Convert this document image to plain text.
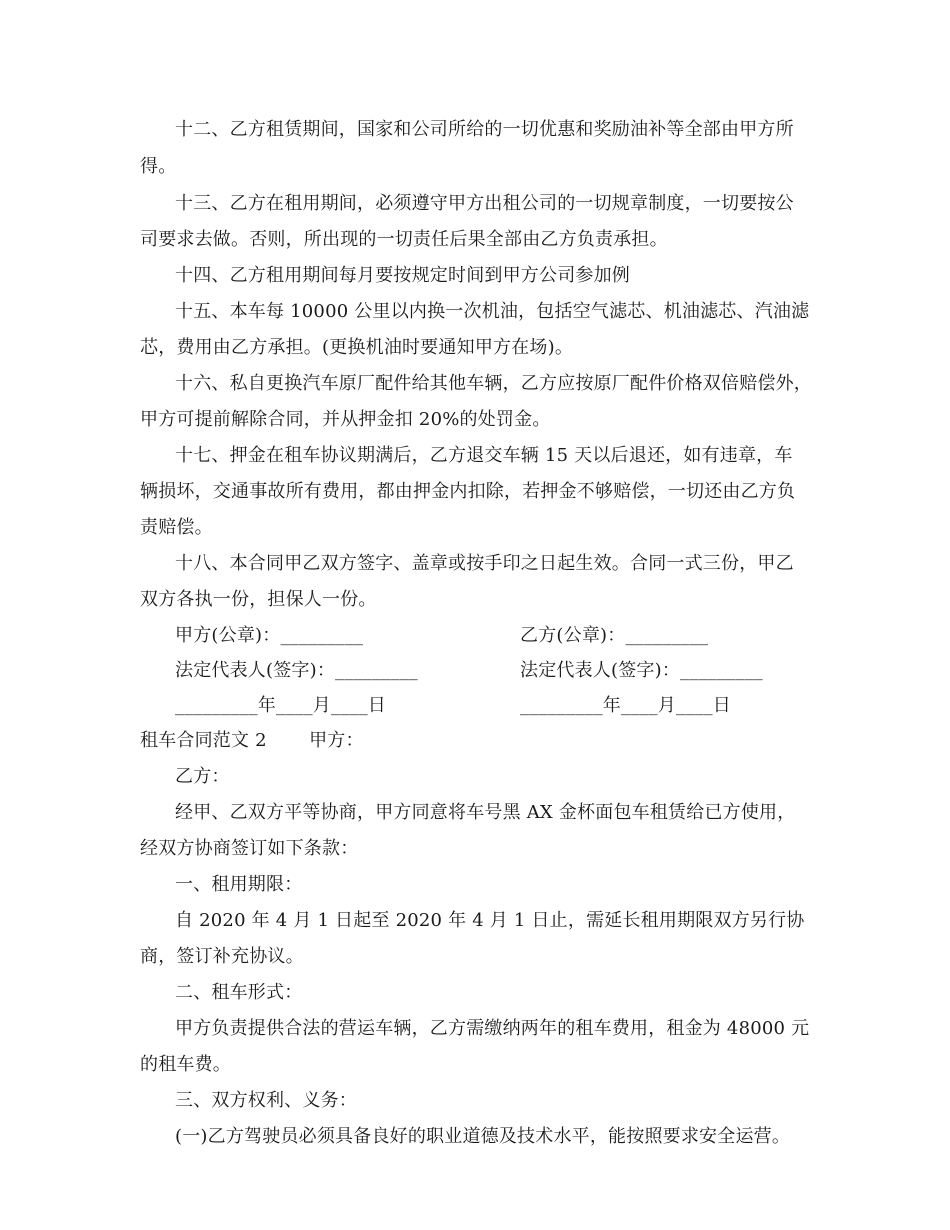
十二、乙方租赁期间，国家和公司所给的一切优惠和奖励油补等全部由甲方所
得。
十三、乙方在租用期间，必须遵守甲方出租公司的一切规章制度，一切要按公
司要求去做。否则，所出现的一切责任后果全部由乙方负责承担。
十四、乙方租用期间每月要按规定时间到甲方公司参加例
十五、本车每 10000 公里以内换一次机油，包括空气滤芯、机油滤芯、汽油滤
芯，费用由乙方承担。(更换机油时要通知甲方在场)。
十六、私自更换汽车原厂配件给其他车辆，乙方应按原厂配件价格双倍赔偿外，
甲方可提前解除合同，并从押金扣 20%的处罚金。
十七、押金在租车协议期满后，乙方退交车辆 15 天以后退还，如有违章，车
辆损坏，交通事故所有费用，都由押金内扣除，若押金不够赔偿，一切还由乙方负
责赔偿。
十八、本合同甲乙双方签字、盖章或按手印之日起生效。合同一式三份，甲乙
双方各执一份，担保人一份。
甲方(公章)：_________	乙方(公章)：_________
法定代表人(签字)：_________	法定代表人(签字)：_________
_________年____月____日	_________年____月____日
租车合同范文 2　　 甲方：
乙方：
经甲、乙双方平等协商，甲方同意将车号黑 AX 金杯面包车租赁给已方使用，
经双方协商签订如下条款：
一、租用期限：
自 2020 年 4 月 1 日起至 2020 年 4 月 1 日止，需延长租用期限双方另行协
商，签订补充协议。
二、租车形式：
甲方负责提供合法的营运车辆，乙方需缴纳两年的租车费用，租金为 48000 元
的租车费。
三、双方权利、义务：
(一)乙方驾驶员必须具备良好的职业道德及技术水平，能按照要求安全运营。
